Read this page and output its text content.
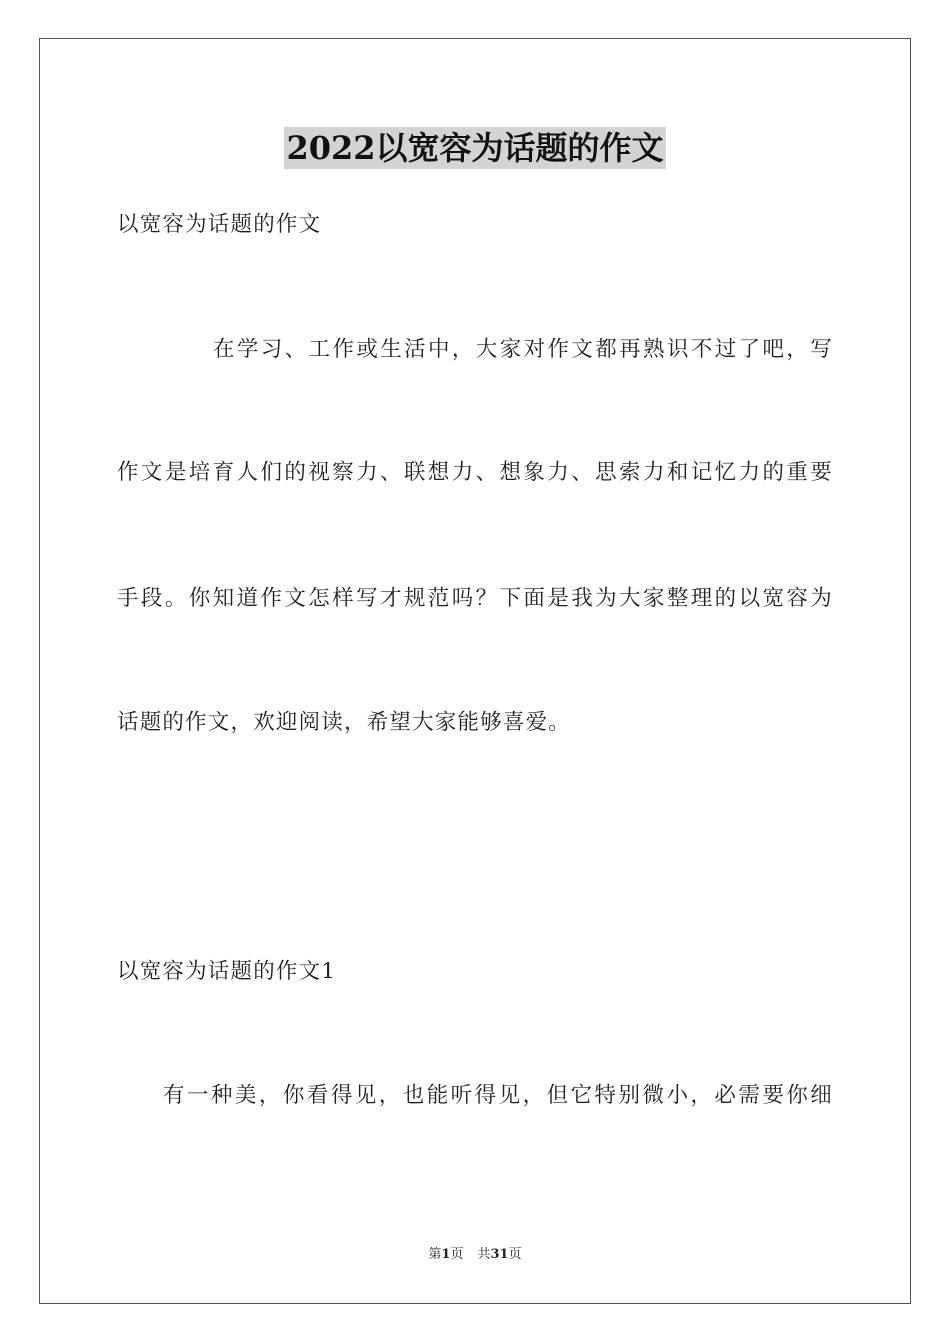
2022以宽容为话题的作文
以宽容为话题的作文
在学习、工作或生活中，大家对作文都再熟识不过了吧，写
作文是培育人们的视察力、联想力、想象力、思索力和记忆力的重要
手段。你知道作文怎样写才规范吗？下面是我为大家整理的以宽容为
话题的作文，欢迎阅读，希望大家能够喜爱。
以宽容为话题的作文1
有一种美，你看得见，也能听得见，但它特别微小，必需要你细
第1页 共31页
